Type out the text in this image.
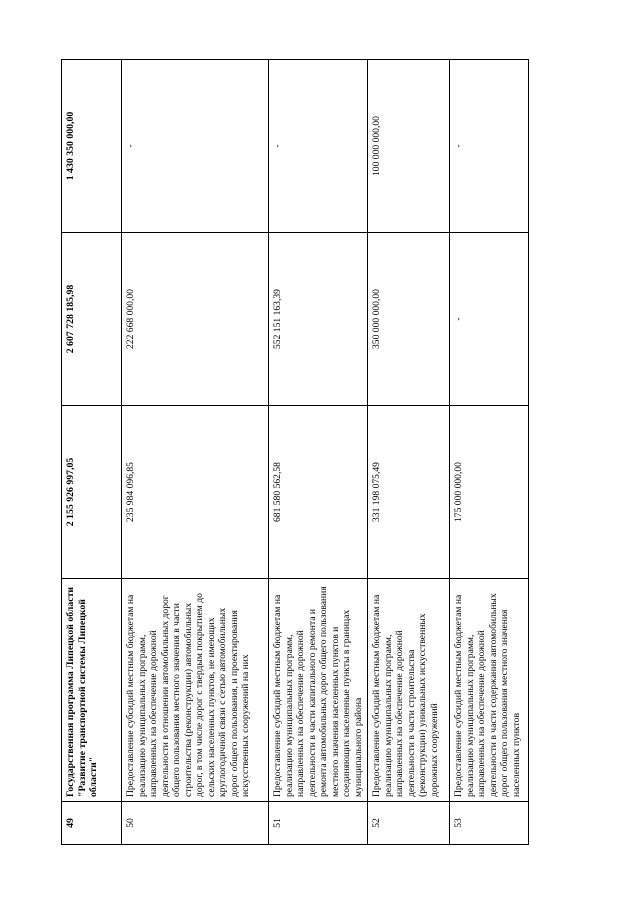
49	Государственная программа Липецкой области "Развитие транспортной системы Липецкой области"	2 155 926 997,05	2 607 728 185,98	1 430 350 000,00
50	Предоставление субсидий местным бюджетам на реализацию муниципальных программ, направленных на обеспечение дорожной деятельности в отношении автомобильных дорог общего пользования местного значения в части строительства (реконструкции) автомобильных дорог, в том числе дорог с твердым покрытием до сельских населенных пунктов, не имеющих круглогодичной связи с сетью автомобильных дорог общего пользования, и проектирования искусственных сооружений на них	235 984 096,85	222 668 000,00	-
51	Предоставление субсидий местным бюджетам на реализацию муниципальных программ, направленных на обеспечение дорожной деятельности в части капитального ремонта и ремонта автомобильных дорог общего пользования местного значения населенных пунктов и соединяющих населенные пункты в границах муниципального района	681 580 562,58	552 151 163,39	-
52	Предоставление субсидий местным бюджетам на реализацию муниципальных программ, направленных на обеспечение дорожной деятельности в части строительства (реконструкции) уникальных искусственных дорожных сооружений	331 198 075,49	350 000 000,00	100 000 000,00
53	Предоставление субсидий местным бюджетам на реализацию муниципальных программ, направленных на обеспечение дорожной деятельности в части содержания автомобильных дорог общего пользования местного значения населенных пунктов	175 000 000,00	-	-
